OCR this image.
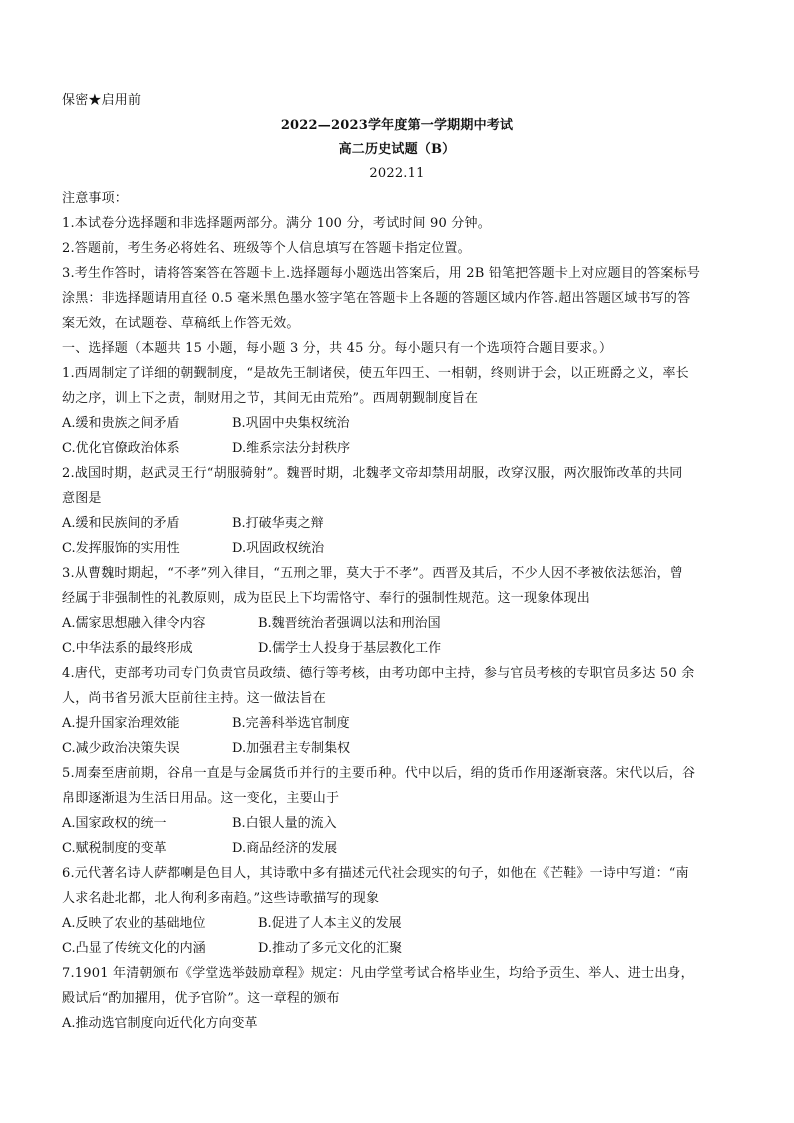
保密★启用前
2022—2023学年度第一学期期中考试
高二历史试题（B）
2022.11
注意事项：
1.本试卷分选择题和非选择题两部分。满分 100 分，考试时间 90 分钟。
2.答题前，考生务必将姓名、班级等个人信息填写在答题卡指定位置。
3.考生作答时，请将答案答在答题卡上.选择题每小题选出答案后，用 2B 铅笔把答题卡上对应题目的答案标号
涂黑：非选择题请用直径 0.5 毫米黑色墨水签字笔在答题卡上各题的答题区域内作答.超出答题区域书写的答
案无效，在试题卷、草稿纸上作答无效。
一、选择题（本题共 15 小题，每小题 3 分，共 45 分。每小题只有一个选项符合题目要求。）
1.西周制定了详细的朝觐制度，“是故先王制诸侯，使五年四王、一相朝，终则讲于会，以正班爵之义，率长
幼之序，训上下之责，制财用之节，其间无由荒殆”。西周朝觐制度旨在
A.缓和贵族之间矛盾	B.巩固中央集权统治
C.优化官僚政治体系	D.维系宗法分封秩序
2.战国时期，赵武灵王行“胡服骑射”。魏晋时期，北魏孝文帝却禁用胡服，改穿汉服，两次服饰改革的共同
意图是
A.缓和民族间的矛盾	B.打破华夷之辩
C.发挥服饰的实用性	D.巩固政权统治
3.从曹魏时期起，“不孝”列入律目，“五刑之罪，莫大于不孝”。西晋及其后，不少人因不孝被依法惩治，曾
经属于非强制性的礼教原则，成为臣民上下均需恪守、奉行的强制性规范。这一现象体现出
A.儒家思想融入律令内容	B.魏晋统治者强调以法和刑治国
C.中华法系的最终形成	D.儒学士人投身于基层教化工作
4.唐代，吏部考功司专门负责官员政绩、德行等考核，由考功郎中主持，参与官员考核的专职官员多达 50 余
人，尚书省另派大臣前往主持。这一做法旨在
A.提升国家治理效能	B.完善科举选官制度
C.减少政治决策失误	D.加强君主专制集权
5.周秦至唐前期，谷帛一直是与金属货币并行的主要币种。代中以后，绢的货币作用逐渐衰落。宋代以后，谷
帛即逐渐退为生活日用品。这一变化，主要山于
A.国家政权的统一	B.白银人量的流入
C.赋税制度的变革	D.商品经济的发展
6.元代著名诗人萨都喇是色目人，其诗歌中多有描述元代社会现实的句子，如他在《芒鞋》一诗中写道：“南
人求名赴北都，北人徇利多南趋。”这些诗歌描写的现象
A.反映了农业的基础地位	B.促进了人本主义的发展
C.凸显了传统文化的内涵	D.推动了多元文化的汇聚
7.1901 年清朝颁布《学堂选举鼓励章程》规定：凡由学堂考试合格毕业生，均给予贡生、举人、进士出身，
殿试后“酌加擢用，优予官阶”。这一章程的颁布
A.推动选官制度向近代化方向变革
